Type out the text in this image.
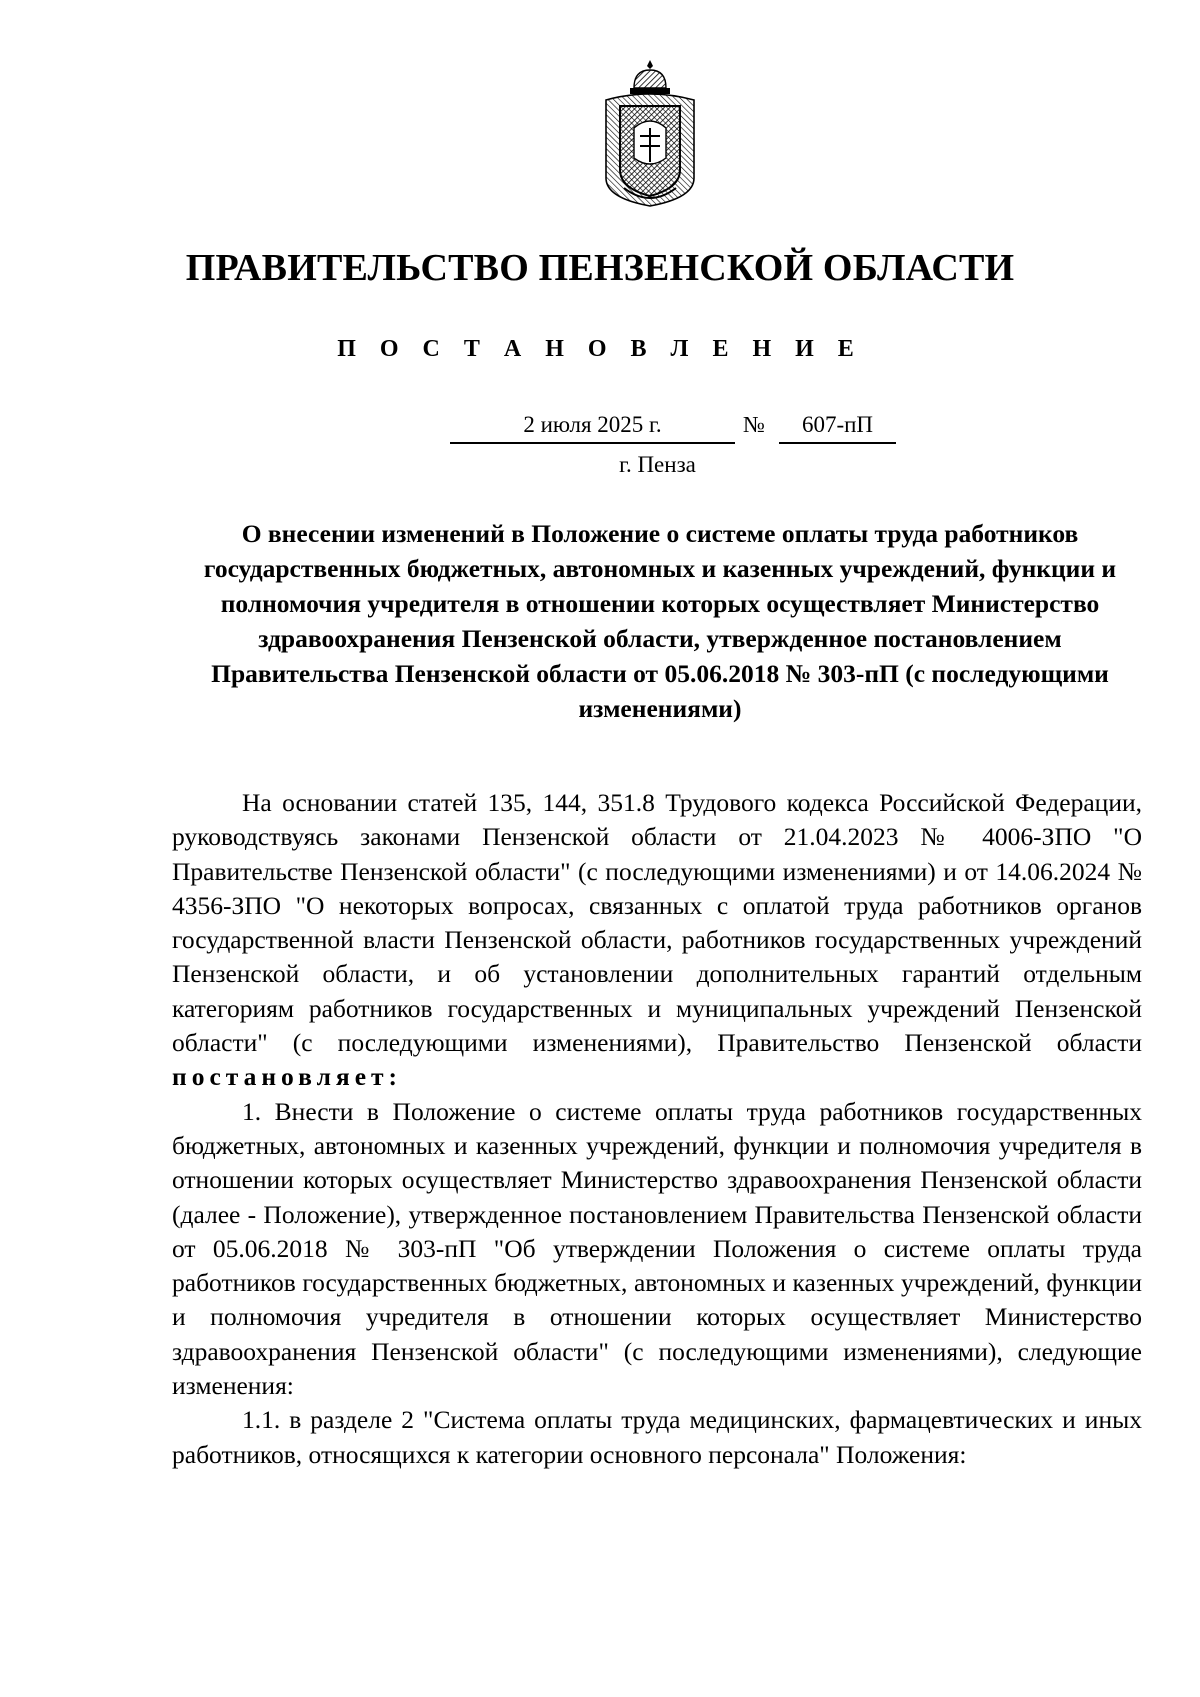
ПРАВИТЕЛЬСТВО ПЕНЗЕНСКОЙ ОБЛАСТИ
П О С Т А Н О В Л Е Н И Е
2 июля 2025 г.	№	607-пП

г. Пенза

О внесении изменений в Положение о системе оплаты труда работников государственных бюджетных, автономных и казенных учреждений, функции и полномочия учредителя в отношении которых осуществляет Министерство здравоохранения Пензенской области, утвержденное постановлением Правительства Пензенской области от 05.06.2018 № 303-пП (с последующими изменениями)

На основании статей 135, 144, 351.8 Трудового кодекса Российской Федерации, руководствуясь законами Пензенской области от 21.04.2023 № 4006-ЗПО "О Правительстве Пензенской области" (с последующими изменениями) и от 14.06.2024 № 4356-ЗПО "О некоторых вопросах, связанных с оплатой труда работников органов государственной власти Пензенской области, работников государственных учреждений Пензенской области, и об установлении дополнительных гарантий отдельным категориям работников государственных и муниципальных учреждений Пензенской области" (с последующими изменениями), Правительство Пензенской области постановляет:

1. Внести в Положение о системе оплаты труда работников государственных бюджетных, автономных и казенных учреждений, функции и полномочия учредителя в отношении которых осуществляет Министерство здравоохранения Пензенской области (далее - Положение), утвержденное постановлением Правительства Пензенской области от 05.06.2018 № 303-пП "Об утверждении Положения о системе оплаты труда работников государственных бюджетных, автономных и казенных учреждений, функции и полномочия учредителя в отношении которых осуществляет Министерство здравоохранения Пензенской области" (с последующими изменениями), следующие изменения:

1.1. в разделе 2 "Система оплаты труда медицинских, фармацевтических и иных работников, относящихся к категории основного персонала" Положения:
